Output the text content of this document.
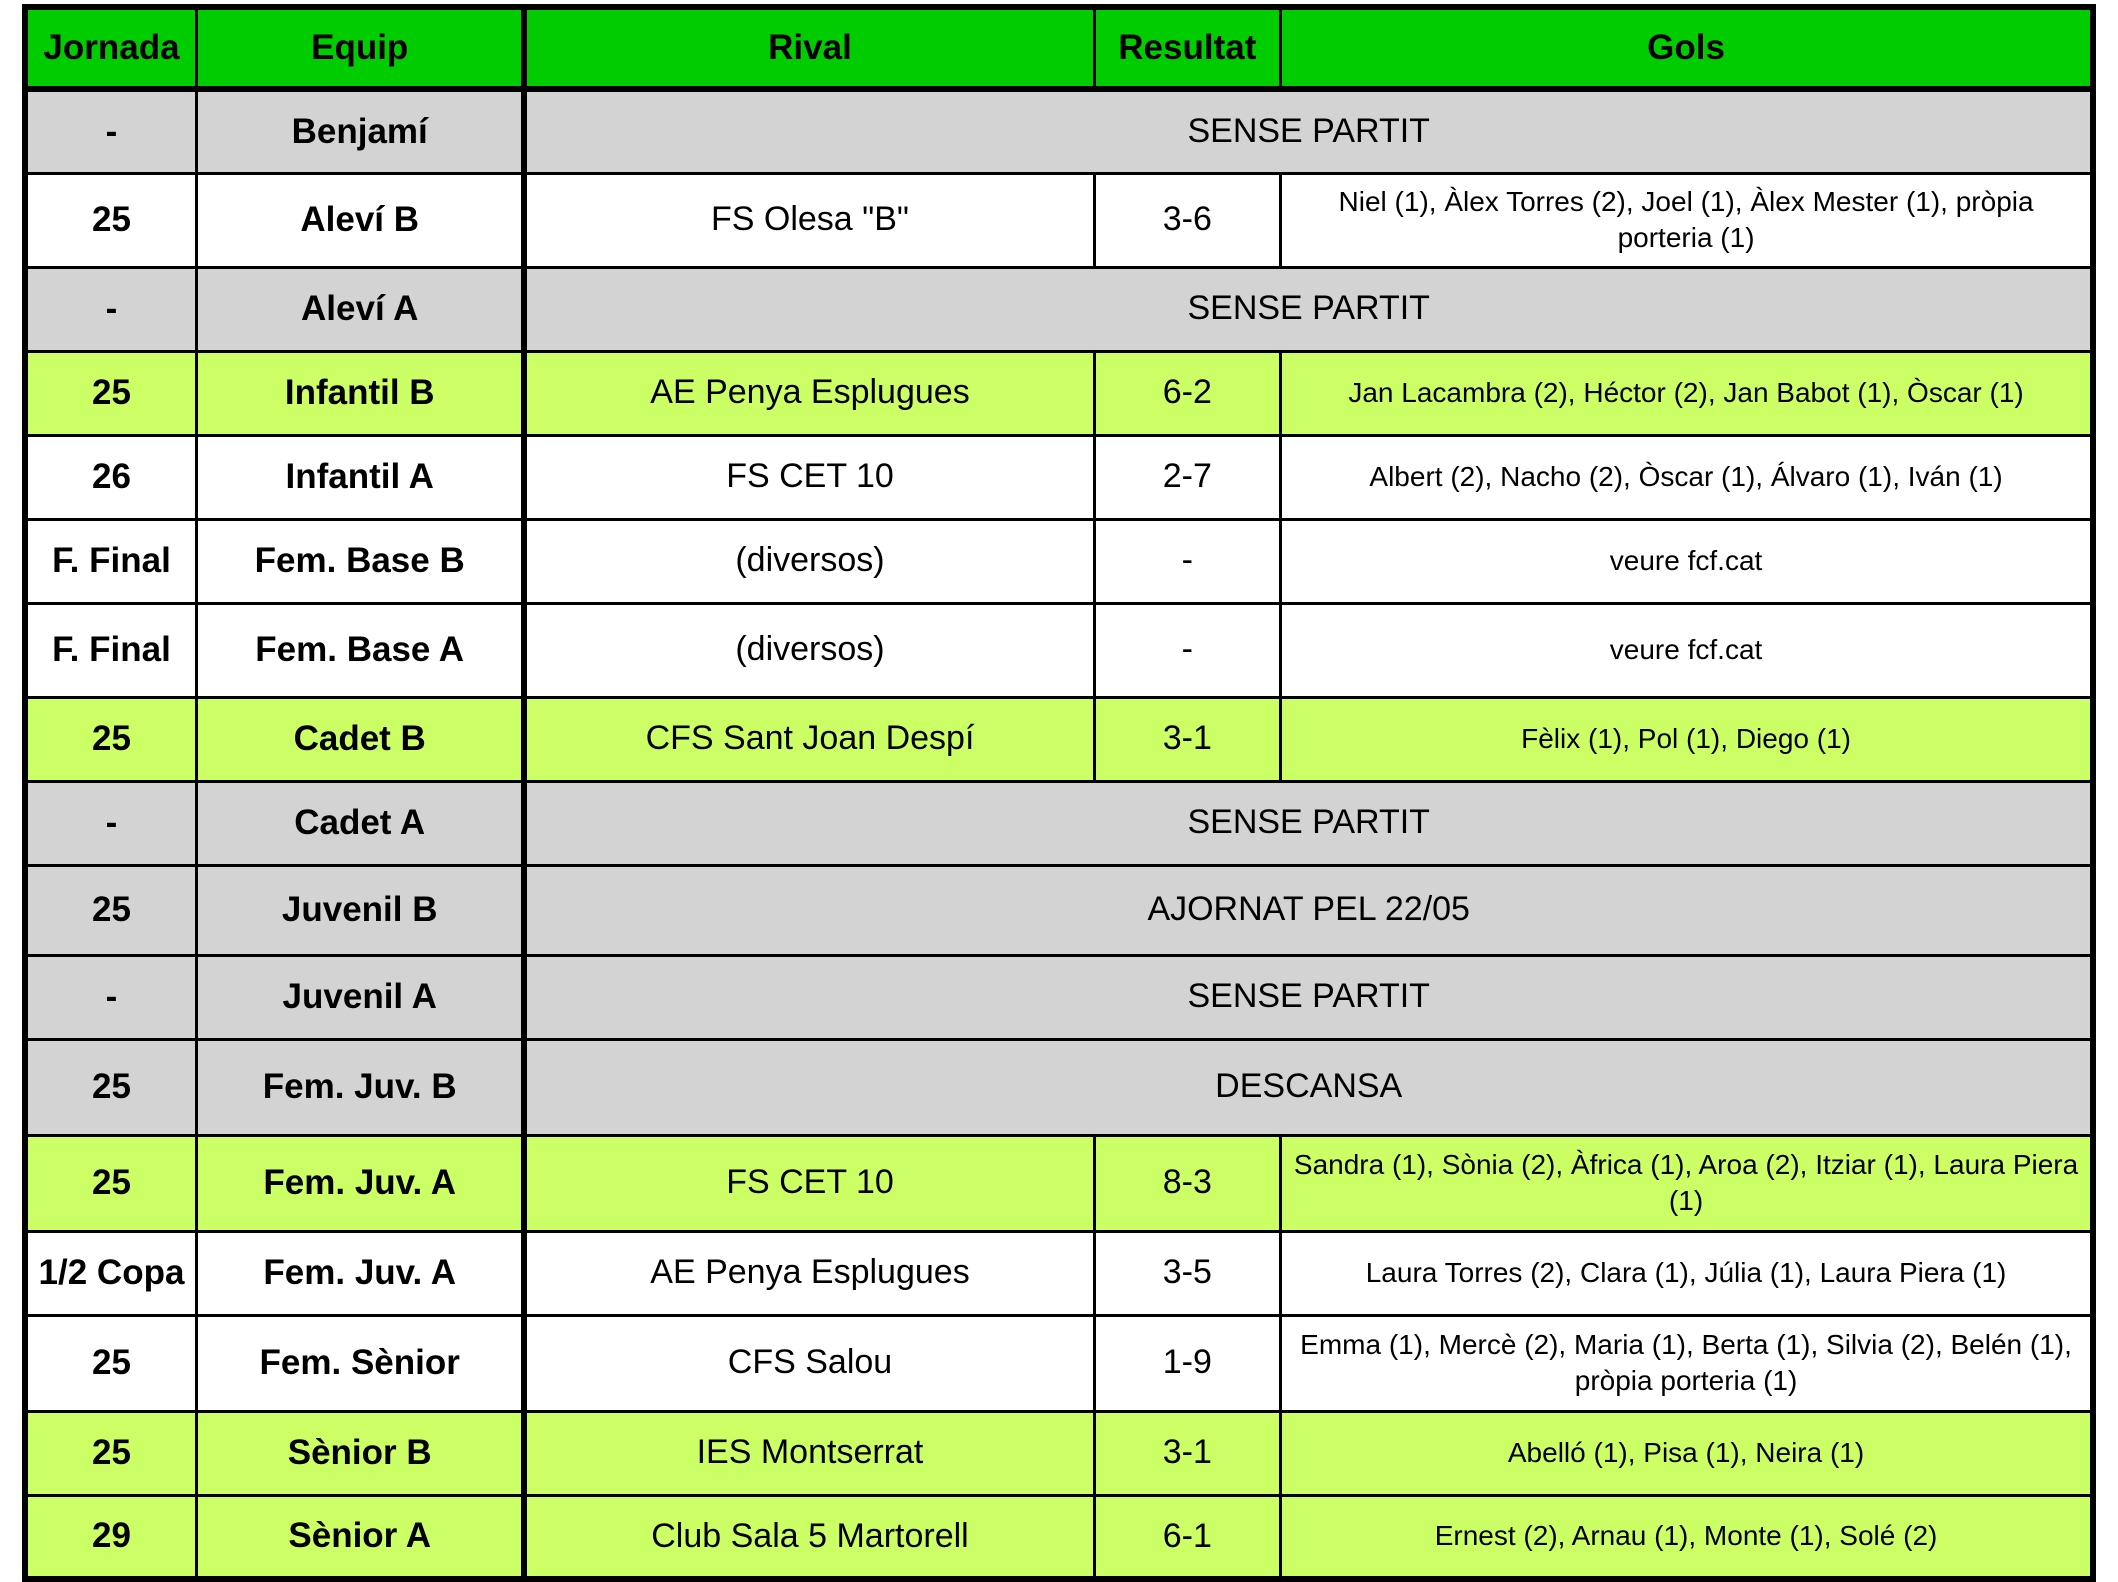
Jornada	Equip	Rival	Resultat	Gols
-	Benjamí	SENSE PARTIT		
25	Aleví B	FS Olesa "B"	3-6	Niel (1), Àlex Torres (2), Joel (1), Àlex Mester (1), pròpia porteria (1)
-	Aleví A	SENSE PARTIT		
25	Infantil B	AE Penya Esplugues	6-2	Jan Lacambra (2), Héctor (2), Jan Babot (1), Òscar (1)
26	Infantil A	FS CET 10	2-7	Albert (2), Nacho (2), Òscar (1), Álvaro (1), Iván (1)
F. Final	Fem. Base B	(diversos)	-	veure fcf.cat
F. Final	Fem. Base A	(diversos)	-	veure fcf.cat
25	Cadet B	CFS Sant Joan Despí	3-1	Fèlix (1), Pol (1), Diego (1)
-	Cadet A	SENSE PARTIT		
25	Juvenil B	AJORNAT PEL 22/05		
-	Juvenil A	SENSE PARTIT		
25	Fem. Juv. B	DESCANSA		
25	Fem. Juv. A	FS CET 10	8-3	Sandra (1), Sònia (2), Àfrica (1), Aroa (2), Itziar (1), Laura Piera (1)
1/2 Copa	Fem. Juv. A	AE Penya Esplugues	3-5	Laura Torres (2), Clara (1), Júlia (1), Laura Piera (1)
25	Fem. Sènior	CFS Salou	1-9	Emma (1), Mercè (2), Maria (1), Berta (1), Silvia (2), Belén (1), pròpia porteria (1)
25	Sènior B	IES Montserrat	3-1	Abelló (1), Pisa (1), Neira (1)
29	Sènior A	Club Sala 5 Martorell	6-1	Ernest (2), Arnau (1), Monte (1), Solé (2)
